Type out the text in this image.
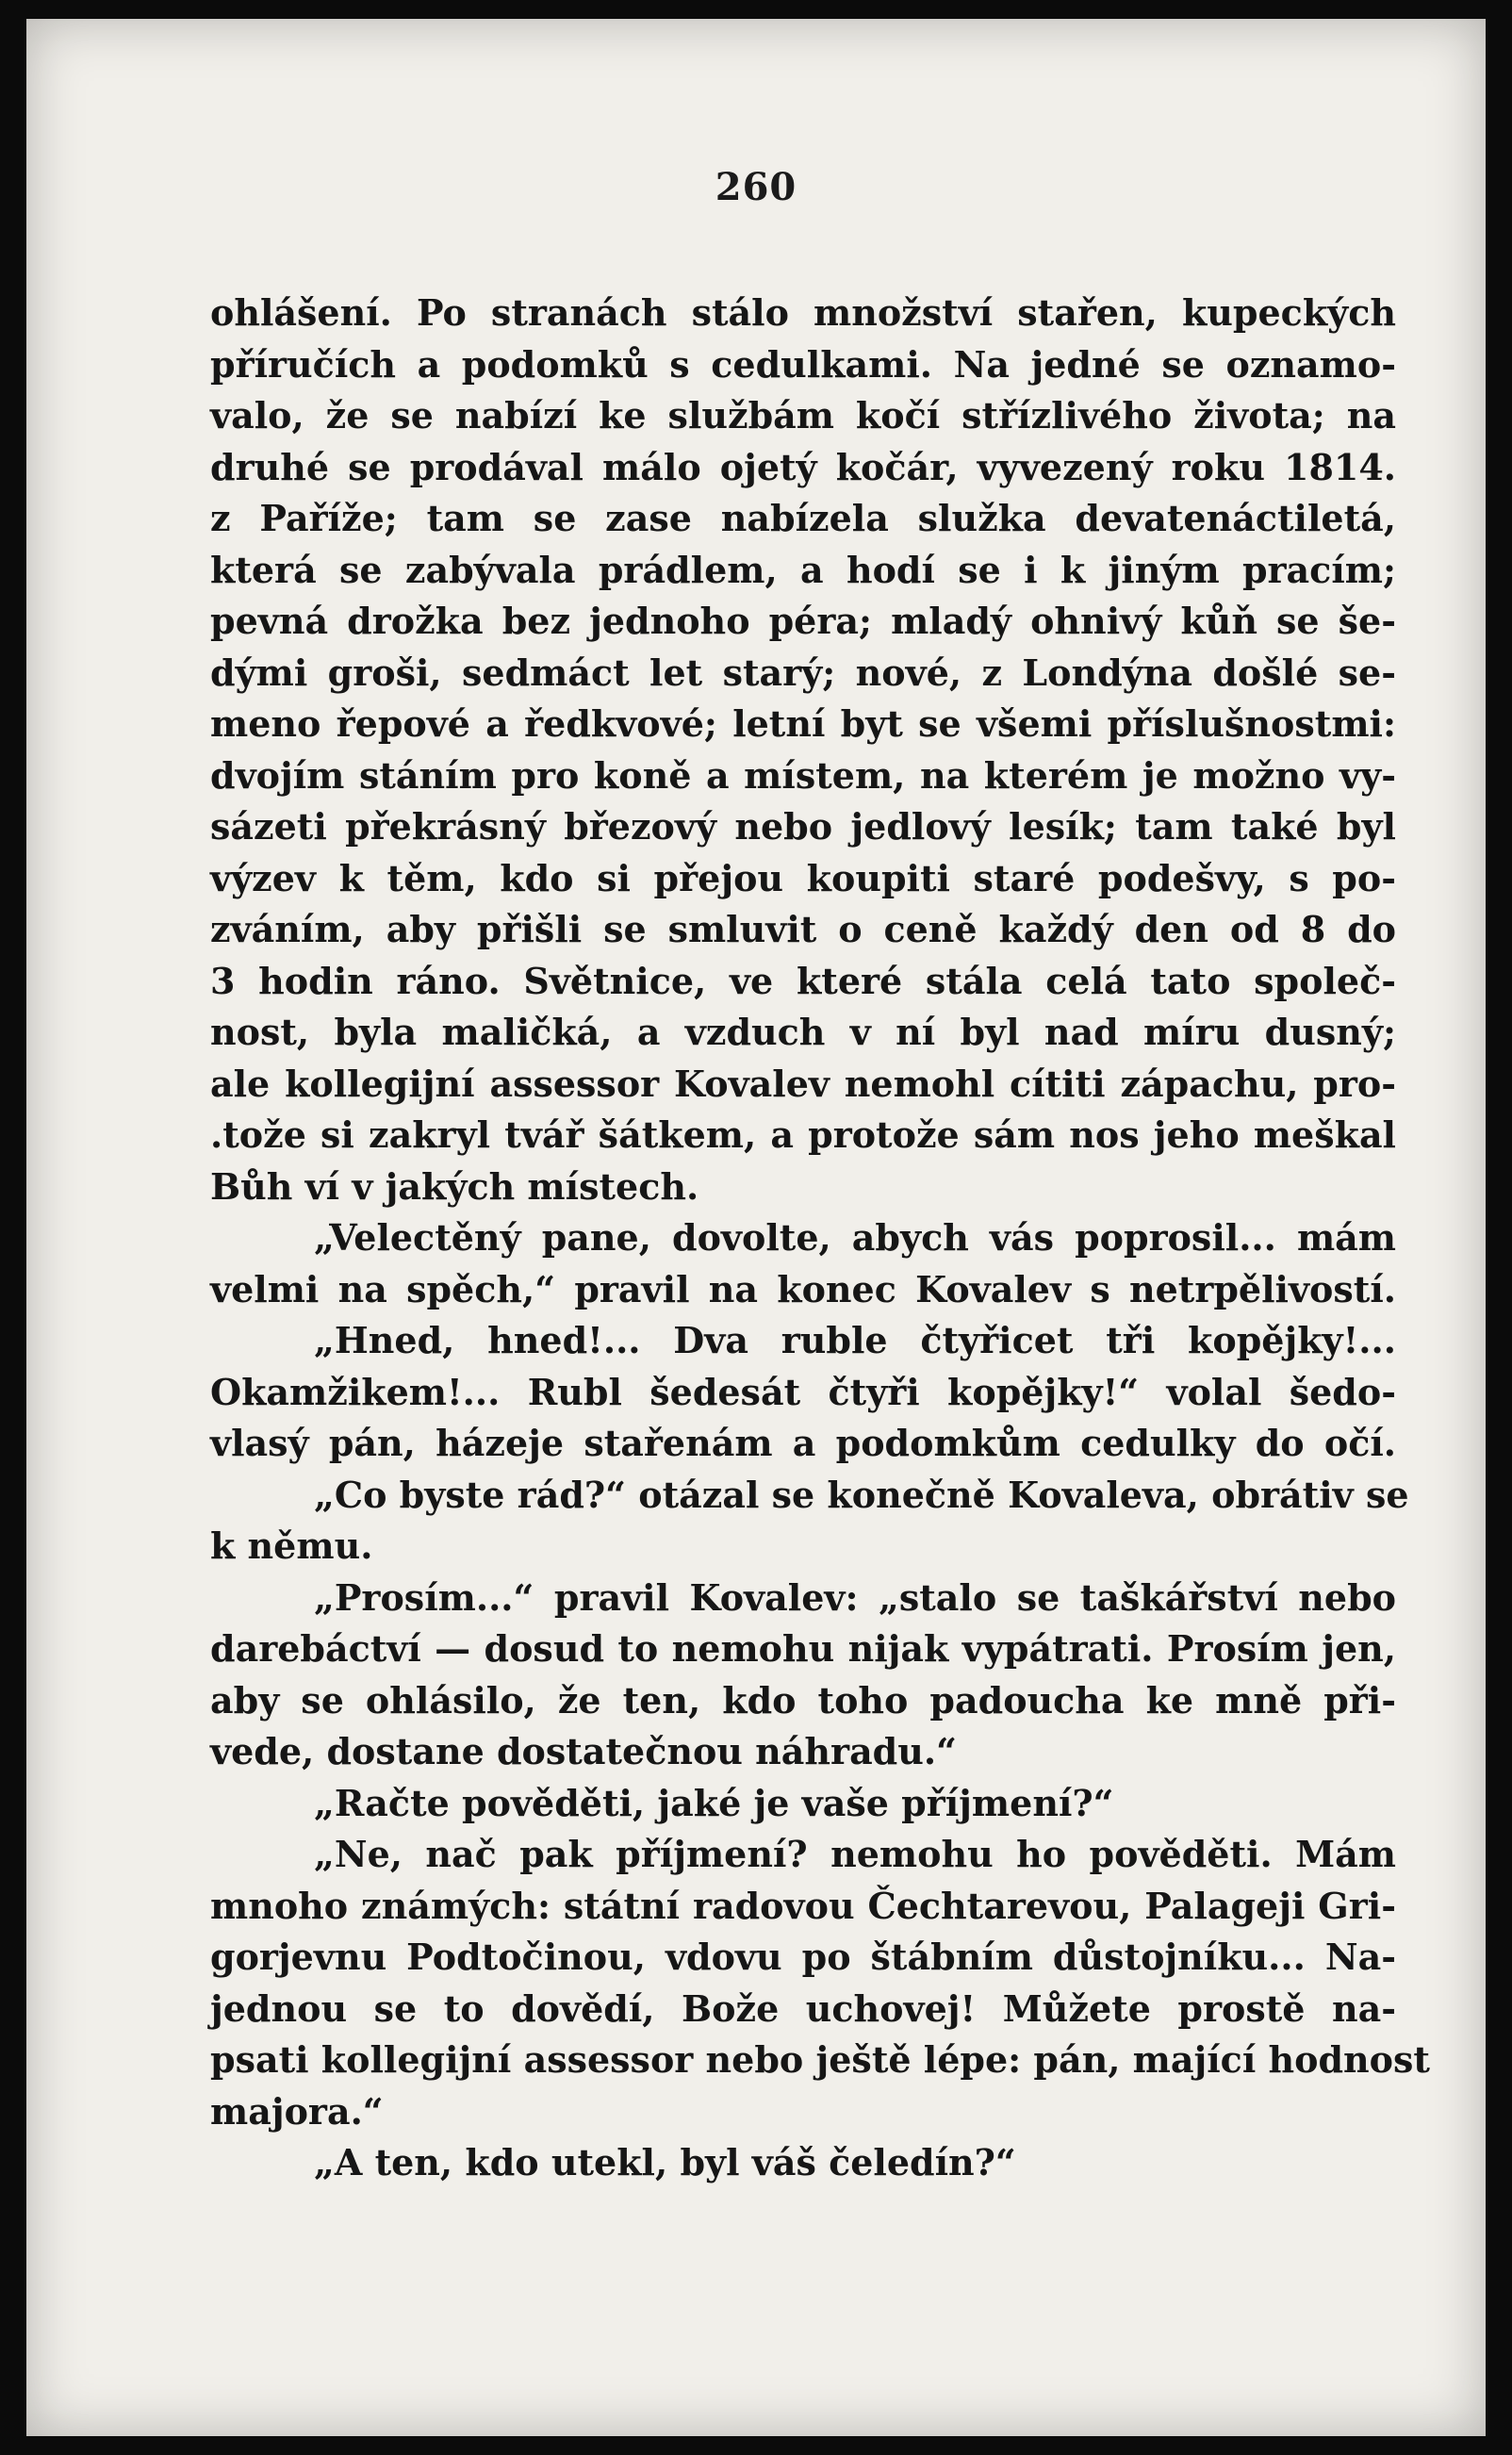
260
ohlášení. Po stranách stálo množství stařen, kupeckých
příručích a podomků s cedulkami. Na jedné se oznamo-
valo, že se nabízí ke službám kočí střízlivého života; na
druhé se prodával málo ojetý kočár, vyvezený roku 1814.
z Paříže; tam se zase nabízela služka devatenáctiletá,
která se zabývala prádlem, a hodí se i k jiným pracím;
pevná drožka bez jednoho péra; mladý ohnivý kůň se še-
dými groši, sedmáct let starý; nové, z Londýna došlé se-
meno řepové a ředkvové; letní byt se všemi příslušnostmi:
dvojím stáním pro koně a místem, na kterém je možno vy-
sázeti překrásný březový nebo jedlový lesík; tam také byl
výzev k těm, kdo si přejou koupiti staré podešvy, s po-
zváním, aby přišli se smluvit o ceně každý den od 8 do
3 hodin ráno. Světnice, ve které stála celá tato společ-
nost, byla maličká, a vzduch v ní byl nad míru dusný;
ale kollegijní assessor Kovalev nemohl cítiti zápachu, pro-
.tože si zakryl tvář šátkem, a protože sám nos jeho meškal
Bůh ví v jakých místech.
„Velectěný pane, dovolte, abych vás poprosil... mám
velmi na spěch,“ pravil na konec Kovalev s netrpělivostí.
„Hned, hned!... Dva ruble čtyřicet tři kopějky!...
Okamžikem!... Rubl šedesát čtyři kopějky!“ volal šedo-
vlasý pán, házeje stařenám a podomkům cedulky do očí.
„Co byste rád?“ otázal se konečně Kovaleva, obrátiv se
k němu.
„Prosím...“ pravil Kovalev: „stalo se taškářství nebo
darebáctví — dosud to nemohu nijak vypátrati. Prosím jen,
aby se ohlásilo, že ten, kdo toho padoucha ke mně při-
vede, dostane dostatečnou náhradu.“
„Račte pověděti, jaké je vaše příjmení?“
„Ne, nač pak příjmení? nemohu ho pověděti. Mám
mnoho známých: státní radovou Čechtarevou, Palageji Gri-
gorjevnu Podtočinou, vdovu po štábním důstojníku... Na-
jednou se to dovědí, Bože uchovej! Můžete prostě na-
psati kollegijní assessor nebo ještě lépe: pán, mající hodnost
majora.“
„A ten, kdo utekl, byl váš čeledín?“
